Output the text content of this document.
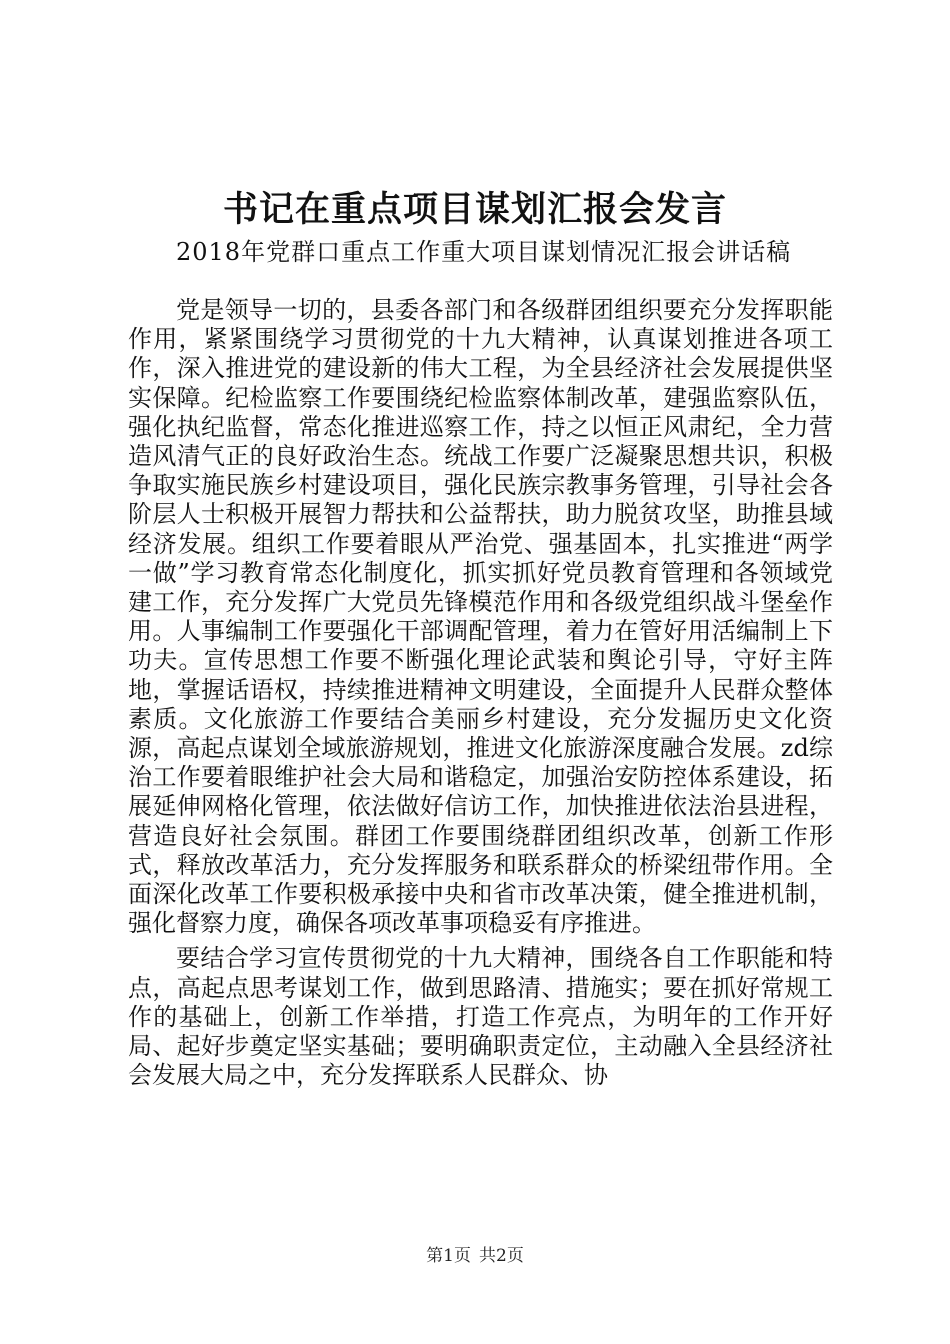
书记在重点项目谋划汇报会发言
2018年党群口重点工作重大项目谋划情况汇报会讲话稿

党是领导一切的，县委各部门和各级群团组织要充分发挥职能作用，紧紧围绕学习贯彻党的十九大精神，认真谋划推进各项工作，深入推进党的建设新的伟大工程，为全县经济社会发展提供坚实保障。纪检监察工作要围绕纪检监察体制改革，建强监察队伍，强化执纪监督，常态化推进巡察工作，持之以恒正风肃纪，全力营造风清气正的良好政治生态。统战工作要广泛凝聚思想共识，积极争取实施民族乡村建设项目，强化民族宗教事务管理，引导社会各阶层人士积极开展智力帮扶和公益帮扶，助力脱贫攻坚，助推县域经济发展。组织工作要着眼从严治党、强基固本，扎实推进“两学一做”学习教育常态化制度化，抓实抓好党员教育管理和各领域党建工作，充分发挥广大党员先锋模范作用和各级党组织战斗堡垒作用。人事编制工作要强化干部调配管理，着力在管好用活编制上下功夫。宣传思想工作要不断强化理论武装和舆论引导，守好主阵地，掌握话语权，持续推进精神文明建设，全面提升人民群众整体素质。文化旅游工作要结合美丽乡村建设，充分发掘历史文化资源，高起点谋划全域旅游规划，推进文化旅游深度融合发展。zd综治工作要着眼维护社会大局和谐稳定，加强治安防控体系建设，拓展延伸网格化管理，依法做好信访工作，加快推进依法治县进程，营造良好社会氛围。群团工作要围绕群团组织改革，创新工作形式，释放改革活力，充分发挥服务和联系群众的桥梁纽带作用。全面深化改革工作要积极承接中央和省市改革决策，健全推进机制，强化督察力度，确保各项改革事项稳妥有序推进。

要结合学习宣传贯彻党的十九大精神，围绕各自工作职能和特点，高起点思考谋划工作，做到思路清、措施实；要在抓好常规工作的基础上，创新工作举措，打造工作亮点，为明年的工作开好局、起好步奠定坚实基础；要明确职责定位，主动融入全县经济社会发展大局之中，充分发挥联系人民群众、协

第1页 共2页
